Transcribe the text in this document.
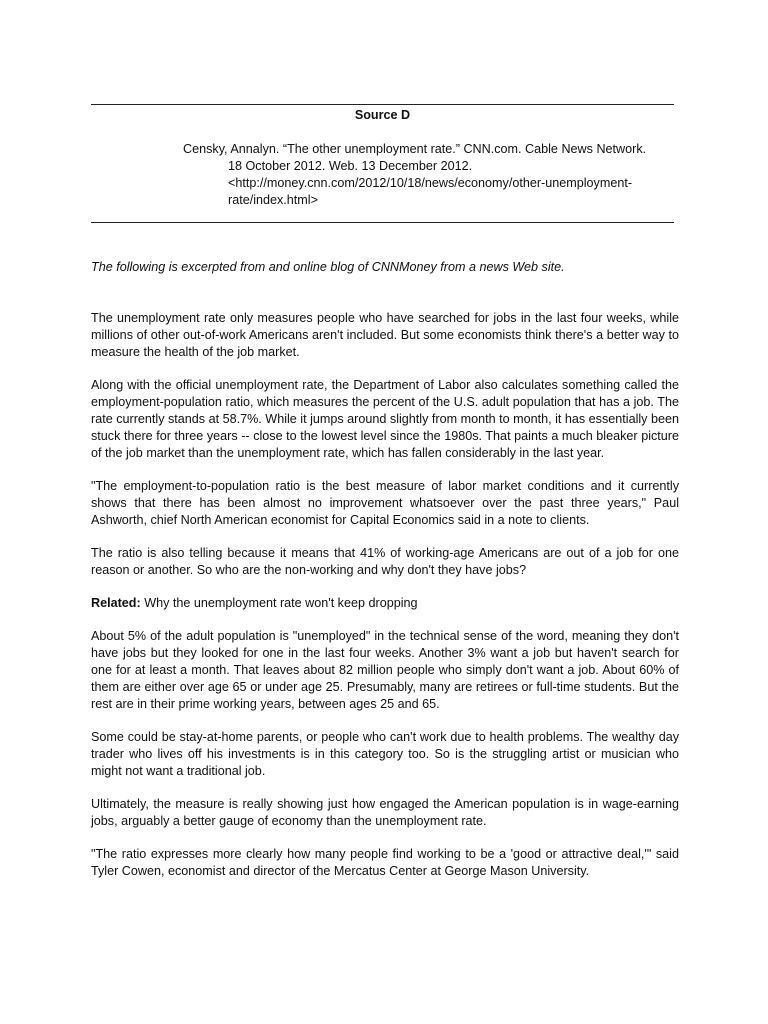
Source D

Censky, Annalyn. “The other unemployment rate.” CNN.com. Cable News Network. 18 October 2012. Web. 13 December 2012. <http://money.cnn.com/2012/10/18/news/economy/other-unemployment-rate/index.html>

The following is excerpted from and online blog of CNNMoney from a news Web site.

The unemployment rate only measures people who have searched for jobs in the last four weeks, while millions of other out-of-work Americans aren't included. But some economists think there's a better way to measure the health of the job market.

Along with the official unemployment rate, the Department of Labor also calculates something called the employment-population ratio, which measures the percent of the U.S. adult population that has a job. The rate currently stands at 58.7%. While it jumps around slightly from month to month, it has essentially been stuck there for three years -- close to the lowest level since the 1980s. That paints a much bleaker picture of the job market than the unemployment rate, which has fallen considerably in the last year.

"The employment-to-population ratio is the best measure of labor market conditions and it currently shows that there has been almost no improvement whatsoever over the past three years," Paul Ashworth, chief North American economist for Capital Economics said in a note to clients.

The ratio is also telling because it means that 41% of working-age Americans are out of a job for one reason or another. So who are the non-working and why don't they have jobs?

Related: Why the unemployment rate won't keep dropping

About 5% of the adult population is "unemployed" in the technical sense of the word, meaning they don't have jobs but they looked for one in the last four weeks. Another 3% want a job but haven't search for one for at least a month. That leaves about 82 million people who simply don't want a job. About 60% of them are either over age 65 or under age 25. Presumably, many are retirees or full-time students. But the rest are in their prime working years, between ages 25 and 65.

Some could be stay-at-home parents, or people who can't work due to health problems. The wealthy day trader who lives off his investments is in this category too. So is the struggling artist or musician who might not want a traditional job.

Ultimately, the measure is really showing just how engaged the American population is in wage-earning jobs, arguably a better gauge of economy than the unemployment rate.

"The ratio expresses more clearly how many people find working to be a 'good or attractive deal,'" said Tyler Cowen, economist and director of the Mercatus Center at George Mason University.
